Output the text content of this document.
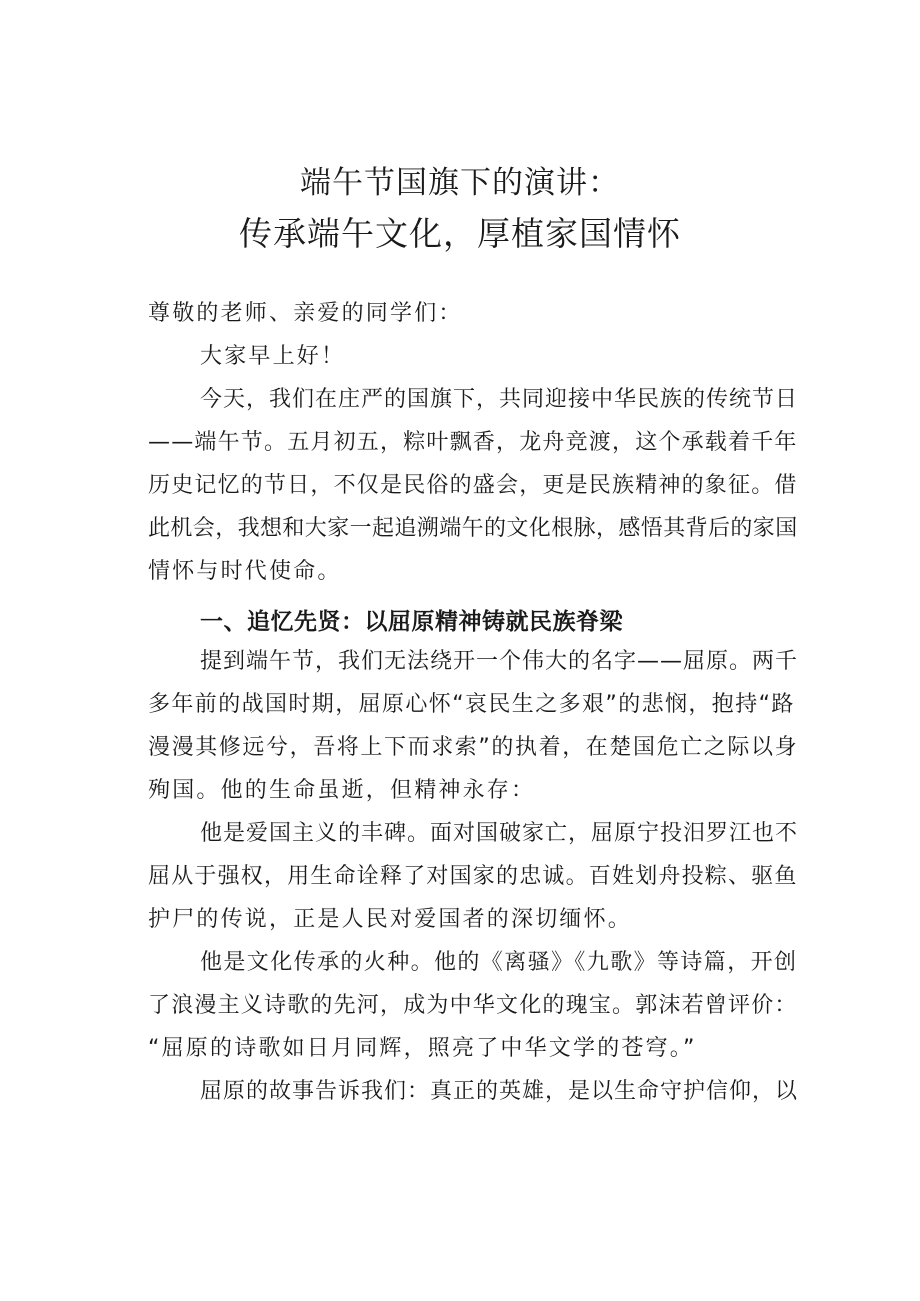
端午节国旗下的演讲：
传承端午文化，厚植家国情怀
尊敬的老师、亲爱的同学们：
大家早上好！
今天，我们在庄严的国旗下，共同迎接中华民族的传统节日
——端午节。五月初五，粽叶飘香，龙舟竞渡，这个承载着千年
历史记忆的节日，不仅是民俗的盛会，更是民族精神的象征。借
此机会，我想和大家一起追溯端午的文化根脉，感悟其背后的家国
情怀与时代使命。
一、追忆先贤：以屈原精神铸就民族脊梁
提到端午节，我们无法绕开一个伟大的名字——屈原。两千
多年前的战国时期，屈原心怀“哀民生之多艰”的悲悯，抱持“路
漫漫其修远兮，吾将上下而求索”的执着，在楚国危亡之际以身
殉国。他的生命虽逝，但精神永存：
他是爱国主义的丰碑。面对国破家亡，屈原宁投汨罗江也不
屈从于强权，用生命诠释了对国家的忠诚。百姓划舟投粽、驱鱼
护尸的传说，正是人民对爱国者的深切缅怀。
他是文化传承的火种。他的《离骚》《九歌》等诗篇，开创
了浪漫主义诗歌的先河，成为中华文化的瑰宝。郭沫若曾评价：
“屈原的诗歌如日月同辉，照亮了中华文学的苍穹。”
屈原的故事告诉我们：真正的英雄，是以生命守护信仰，以
